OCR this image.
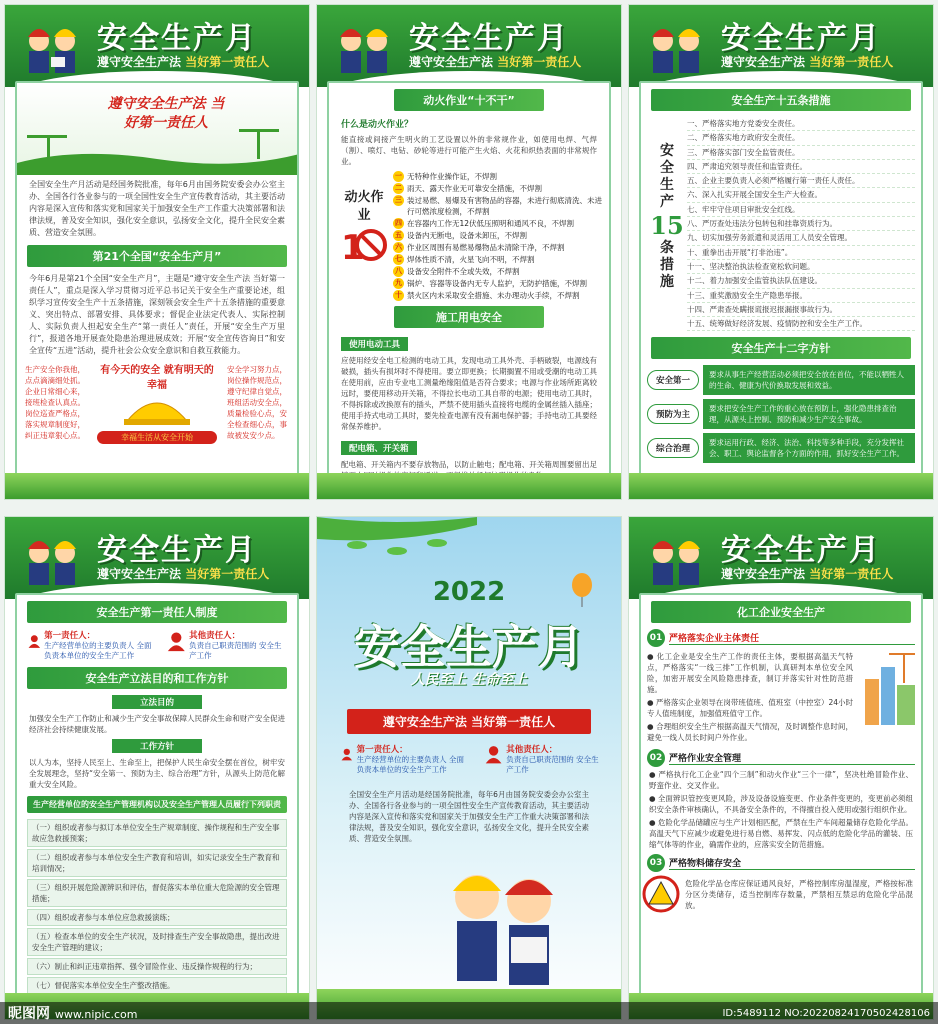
安全生产月
遵守安全生产法 当好第一责任人
遵守安全生产法 当好第一责任人
全国安全生产月活动是经国务院批准，每年6月由国务院安委会办公室主办、全国各行各业参与的一项全国性安全生产宣传教育活动，其主要活动内容是深入宣传和落实党和国家关于加强安全生产工作重大决策部署和法律法规，普及安全知识，强化安全意识，弘扬安全文化，提升全民安全素质、营造安全氛围。
第21个全国“安全生产月”
今年6月是第21个全国“安全生产月”，主题是“遵守安全生产法 当好第一责任人”，重点是深入学习贯彻习近平总书记关于安全生产重要论述，组织学习宣传安全生产十五条措施，深刻领会安全生产十五条措施的重要意义、突出特点、部署安排、具体要求；督促企业法定代表人、实际控制人、实际负责人担起安全生产“第一责任人”责任，开展“安全生产万里行”，报道各地开展查处隐患治理进展成效；开展“安全宣传咨询日”和安全宣传“五进”活动，提升社会公众安全意识和自救互救能力。
生产安全你我他，点点滴滴细处抓。企业日常细心来，接班检查认真点。岗位巡查严格点，落实规章制度好，纠正违章狠心点。
有今天的安全 就有明天的幸福
幸福生活从安全开始
安全学习努力点，岗位操作规范点，遵守纪律自觉点，班组活动安全点，质量检验心点，安全检查细心点，事故被发安少点。
安全生产月
遵守安全生产法 当好第一责任人
动火作业“十不干”
什么是动火作业？
能直接或间接产生明火的工艺设置以外的非常规作业，如使用电焊、气焊（割）、喷灯、电钻、砂轮等进行可能产生火焰、火花和炽热表面的非常规作业。
动火作业
1
一 无特种作业操作证，不焊割
二 雨天、露天作业无可靠安全措施，不焊割
三 装过易燃、易爆及有害物品的容器，未进行彻底清洗、未进行可燃浓度检测，不焊割
四 在容器内工作无12伏低压照明和通风不良，不焊割
五 设备内无断电，设备未卸压，不焊割
六 作业区周围有易燃易爆物品未清除干净，不焊割
七 焊体性质不清，火星飞向不明，不焊割
八 设备安全附件不全或失效，不焊割
九 锅炉、容器等设备内无专人监护，无防护措施，不焊割
十 禁火区内未采取安全措施、未办理动火手续，不焊割
施工用电安全
使用电动工具
应使用经安全电工检测的电动工具，发现电动工具外壳、手柄破裂，电源线有破损，插头有损坏时不得使用。要立即更换；长期搁置不用或受潮的电动工具在使用前，应由专业电工测量绝缘阻值是否符合要求；电源与作业场所距离较远时，要使用移动开关箱，不得拉长电动工具自带的电源；使用电动工具时，不得拆除或改换原有的插头，严禁不使用插头直接将电缆的金属丝插入插座；使用手持式电动工具时，要先检查电源有没有漏电保护器；手持电动工具要经常保养维护。
配电箱、开关箱
配电箱、开关箱内不要存放物品，以防止触电；配电箱、开关箱周围要留出足
安全生产月
遵守安全生产法 当好第一责任人
安全生产十五条措施
安全生产
15
条措施
一、严格落实地方党委安全责任。
二、严格落实地方政府安全责任。
三、严格落实部门安全监管责任。
四、严肃追究领导责任和监管责任。
五、企业主要负责人必须严格履行第一责任人责任。
六、深入扎实开展全国安全生产大检查。
七、牢牢守住项目审批安全红线。
八、严厉查处违法分包转包和挂靠资质行为。
九、切实加强劳务派遣和灵活用工人员安全管理。
十、重拳出击开展“打非治违”。
十一、坚决整治执法检查宽松软问题。
十二、着力加强安全监管执法队伍建设。
十三、重奖激励安全生产隐患举报。
十四、严肃查处瞒报谎报迟报漏报事故行为。
十五、统筹做好经济发展、疫情防控和安全生产工作。
安全生产十二字方针
安全第一
要求从事生产经营活动必须把安全放在首位，不能以牺牲人的生命、健康为代价换取发展和效益。
预防为主
要求把安全生产工作的重心放在预防上，强化隐患排查治理，从源头上控制、预防和减少生产安全事故。
综合治理
要求运用行政、经济、法治、科技等多种手段，充分发挥社会、职工、舆论监督各个方面的作用，抓好安全生产工作。
安全生产月
遵守安全生产法 当好第一责任人
安全生产第一责任人制度
第一责任人：
生产经营单位的主要负责人 全面负责本单位的安全生产工作
其他责任人：
负责自己职责范围的 安全生产工作
安全生产立法目的和工作方针
立法目的
加强安全生产工作防止和减少生产安全事故保障人民群众生命和财产安全促进经济社会持续健康发展。
工作方针
以人为本，坚持人民至上、生命至上，把保护人民生命安全摆在首位，树牢安全发展理念，坚持“安全第一、预防为主、综合治理”方针，从源头上防范化解重大安全风险。
生产经营单位的安全生产管理机构以及安全生产管理人员履行下列职责
（一）组织或者参与拟订本单位安全生产规章制度、操作规程和生产安全事故应急救援预案；
（二）组织或者参与本单位安全生产教育和培训，如实记录安全生产教育和培训情况；
（三）组织开展危险源辨识和评估，督促落实本单位重大危险源的安全管理措施；
（四）组织或者参与本单位应急救援演练；
（五）检查本单位的安全生产状况，及时排查生产安全事故隐患，提出改进安全生产管理的建议；
（六）制止和纠正违章指挥、强令冒险作业、违反操作规程的行为；
（七）督促落实本单位安全生产整改措施。
2022
安全生产月
人民至上 生命至上
遵守安全生产法 当好第一责任人
第一责任人：
生产经营单位的主要负责人 全面负责本单位的安全生产工作
其他责任人：
负责自己职责范围的 安全生产工作
全国安全生产月活动是经国务院批准，每年6月由国务院安委会办公室主办、全国各行各业参与的一项全国性安全生产宣传教育活动，其主要活动内容是深入宣传和落实党和国家关于加强安全生产工作重大决策部署和法律法规，普及安全知识，强化安全意识，弘扬安全文化，提升全民安全素质、营造安全氛围。
安全生产月
遵守安全生产法 当好第一责任人
化工企业安全生产
01 严格落实企业主体责任
● 化工企业是安全生产工作的责任主体，要根据高温天气特点，严格落实“一线三排”工作机制，认真研判本单位安全风险，加密开展安全风险隐患排查，制订并落实针对性防范措施。
● 严格落实企业领导在岗带班值班、值班室（中控室）24小时专人值班制度，加强值班值守工作。
● 合理组织安全生产根据高温天气情况，及时调整作息时间，避免一线人员长时间户外作业。
02 严格作业安全管理
● 严格执行化工企业“四个三制”和动火作业“三个一律”，坚决杜绝冒险作业、野蛮作业、交叉作业。
● 全面辨识管控变更风险，涉及设备设施变更、作业条件变更的，变更前必须组织安全条件审核确认，不具备安全条件的，不得擅自投入使用或强行组织作业。
● 危险化学品储罐应与生产计划相匹配，严禁在生产车间超量储存危险化学品。高温天气下应减少或避免进行易自燃、易挥发、闪点低的危险化学品的灌装、压缩气体等的作业，确需作业的，应落实安全防范措施。
03 严格物料储存安全
危险化学品仓库应保证通风良好，严格控制库房温湿度，严格按标准分区分类储存，适当控制库存数量，严禁相互禁忌的危险化学品混放。
昵图网 www.nipic.com	ID:5489112 NO:20220824170502428106
